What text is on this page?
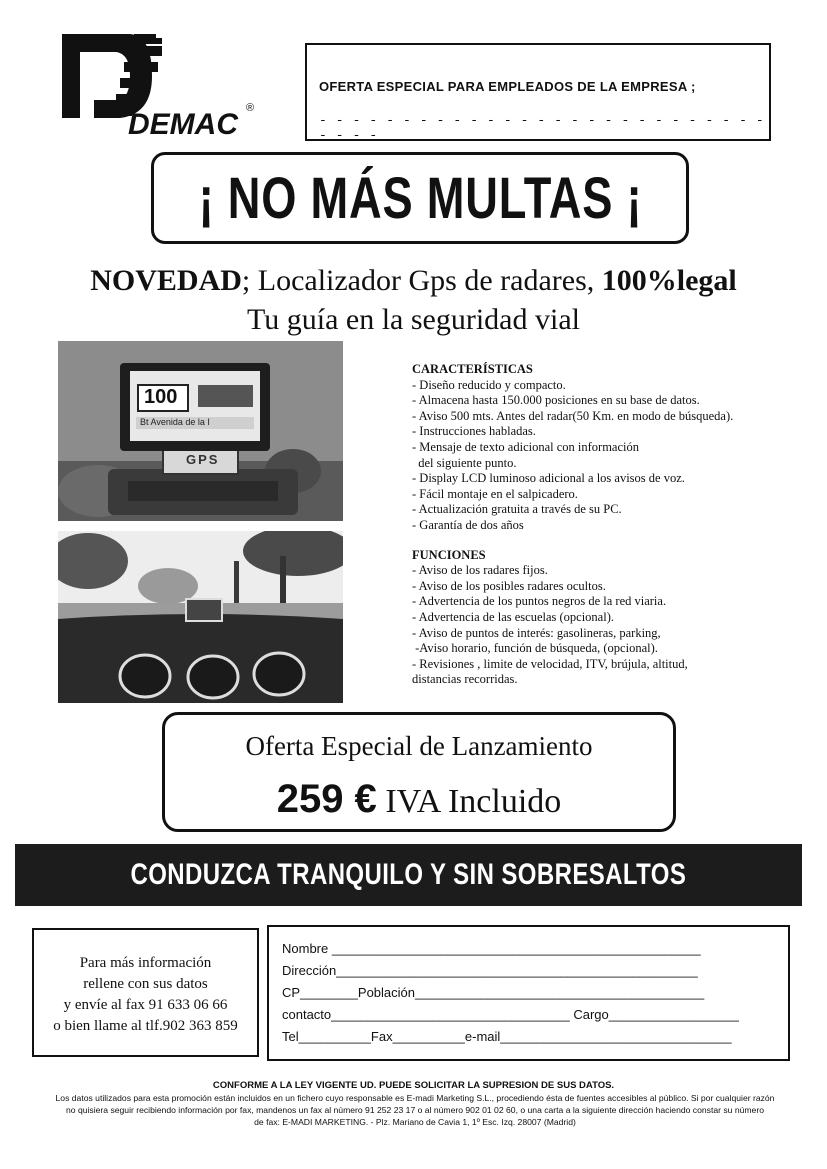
DEMAC ®
OFERTA ESPECIAL PARA EMPLEADOS DE LA EMPRESA ;
- - - - - - - - - - - - - - - - - - - - - - - - - - - - - - -
¡ NO MÁS MULTAS ¡
NOVEDAD; Localizador Gps de radares, 100%legal
Tu guía en la seguridad vial
100
Bt Avenida de la I
GPS
CARACTERÍSTICAS
- Diseño reducido y compacto.
- Almacena hasta 150.000 posiciones en su base de datos.
- Aviso 500 mts. Antes del radar(50 Km. en modo de búsqueda).
- Instrucciones habladas.
- Mensaje de texto adicional con información
del siguiente punto.
- Display LCD luminoso adicional a los avisos de voz.
- Fácil montaje en el salpicadero.
- Actualización gratuita a través de su PC.
- Garantía de dos años
FUNCIONES
- Aviso de los radares fijos.
- Aviso de los posibles radares ocultos.
- Advertencia de los puntos negros de la red viaria.
- Advertencia de las escuelas (opcional).
- Aviso de puntos de interés: gasolineras, parking,
-Aviso horario, función de búsqueda, (opcional).
- Revisiones , limite de velocidad, ITV, brújula, altitud,
distancias recorridas.
Oferta Especial de Lanzamiento
259 € IVA Incluido
CONDUZCA TRANQUILO Y SIN SOBRESALTOS
Para más información
rellene con sus datos
y envíe al fax 91 633 06 66
o bien llame al tlf.902 363 859
Nombre ___________________________________________________
Dirección__________________________________________________
CP________Población________________________________________
contacto_________________________________ Cargo__________________
Tel__________Fax__________e-mail________________________________
CONFORME A LA LEY VIGENTE UD. PUEDE SOLICITAR LA SUPRESION DE SUS DATOS.
Los datos utilizados para esta promoción están incluidos en un fichero cuyo responsable es E-madi Marketing S.L., procediendo ésta de fuentes accesibles al público. Si por cualquier razón
no quisiera seguir recibiendo información por fax, mandenos un fax al número 91 252 23 17 o al número 902 01 02 60, o una carta a la siguiente dirección haciendo constar su número
de fax: E-MADI MARKETING. - Plz. Mariano de Cavia 1, 1º Esc. Izq. 28007 (Madrid)
